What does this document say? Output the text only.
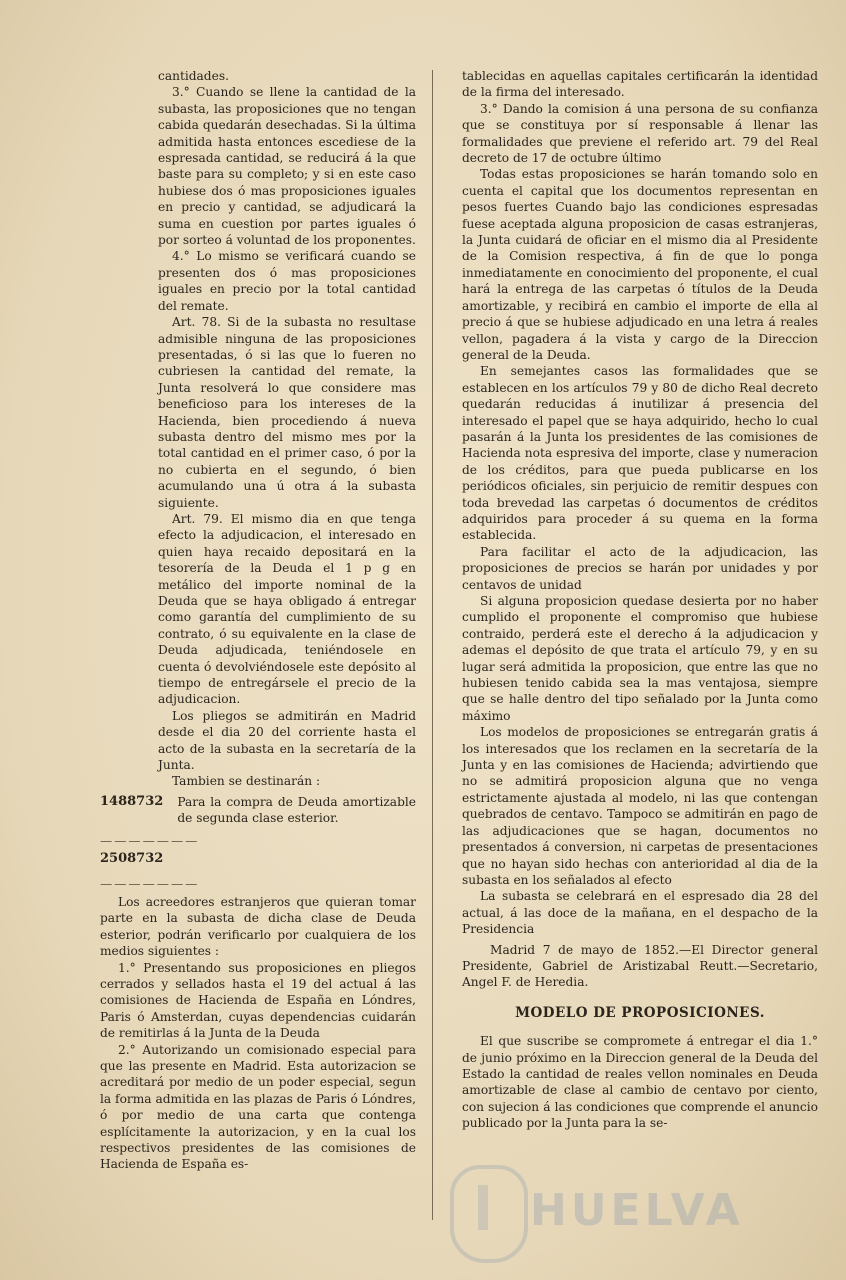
cantidades.

3.° Cuando se llene la cantidad de la subasta, las proposiciones que no tengan cabida quedarán desechadas. Si la última admitida hasta entonces escediese de la espresada cantidad, se reducirá á la que baste para su completo; y si en este caso hubiese dos ó mas proposiciones iguales en precio y cantidad, se adjudicará la suma en cuestion por partes iguales ó por sorteo á voluntad de los proponentes.

4.° Lo mismo se verificará cuando se presenten dos ó mas proposiciones iguales en precio por la total cantidad del remate.

Art. 78. Si de la subasta no resultase admisible ninguna de las proposiciones presentadas, ó si las que lo fueren no cubriesen la cantidad del remate, la Junta resolverá lo que considere mas beneficioso para los intereses de la Hacienda, bien procediendo á nueva subasta dentro del mismo mes por la total cantidad en el primer caso, ó por la no cubierta en el segundo, ó bien acumulando una ú otra á la subasta siguiente.

Art. 79. El mismo dia en que tenga efecto la adjudicacion, el interesado en quien haya recaido depositará en la tesorería de la Deuda el 1 p g en metálico del importe nominal de la Deuda que se haya obligado á entregar como garantía del cumplimiento de su contrato, ó su equivalente en la clase de Deuda adjudicada, teniéndosele en cuenta ó devolviéndosele este depósito al tiempo de entregársele el precio de la adjudicacion.

Los pliegos se admitirán en Madrid desde el dia 20 del corriente hasta el acto de la subasta en la secretaría de la Junta.

Tambien se destinarán :

1488732 Para la compra de Deuda amortizable de segunda clase esterior.
———————
2508732
———————

Los acreedores estranjeros que quieran tomar parte en la subasta de dicha clase de Deuda esterior, podrán verificarlo por cualquiera de los medios siguientes :

1.° Presentando sus proposiciones en pliegos cerrados y sellados hasta el 19 del actual á las comisiones de Hacienda de España en Lóndres, Paris ó Amsterdan, cuyas dependencias cuidarán de remitirlas á la Junta de la Deuda

2.° Autorizando un comisionado especial para que las presente en Madrid. Esta autorizacion se acreditará por medio de un poder especial, segun la forma admitida en las plazas de Paris ó Lóndres, ó por medio de una carta que contenga esplícitamente la autorizacion, y en la cual los respectivos presidentes de las comisiones de Hacienda de España es-

tablecidas en aquellas capitales certificarán la identidad de la firma del interesado.

3.° Dando la comision á una persona de su confianza que se constituya por sí responsable á llenar las formalidades que previene el referido art. 79 del Real decreto de 17 de octubre último

Todas estas proposiciones se harán tomando solo en cuenta el capital que los documentos representan en pesos fuertes Cuando bajo las condiciones espresadas fuese aceptada alguna proposicion de casas estranjeras, la Junta cuidará de oficiar en el mismo dia al Presidente de la Comision respectiva, á fin de que lo ponga inmediatamente en conocimiento del proponente, el cual hará la entrega de las carpetas ó títulos de la Deuda amortizable, y recibirá en cambio el importe de ella al precio á que se hubiese adjudicado en una letra á reales vellon, pagadera á la vista y cargo de la Direccion general de la Deuda.

En semejantes casos las formalidades que se establecen en los artículos 79 y 80 de dicho Real decreto quedarán reducidas á inutilizar á presencia del interesado el papel que se haya adquirido, hecho lo cual pasarán á la Junta los presidentes de las comisiones de Hacienda nota espresiva del importe, clase y numeracion de los créditos, para que pueda publicarse en los periódicos oficiales, sin perjuicio de remitir despues con toda brevedad las carpetas ó documentos de créditos adquiridos para proceder á su quema en la forma establecida.

Para facilitar el acto de la adjudicacion, las proposiciones de precios se harán por unidades y por centavos de unidad

Si alguna proposicion quedase desierta por no haber cumplido el proponente el compromiso que hubiese contraido, perderá este el derecho á la adjudicacion y ademas el depósito de que trata el artículo 79, y en su lugar será admitida la proposicion, que entre las que no hubiesen tenido cabida sea la mas ventajosa, siempre que se halle dentro del tipo señalado por la Junta como máximo

Los modelos de proposiciones se entregarán gratis á los interesados que los reclamen en la secretaría de la Junta y en las comisiones de Hacienda; advirtiendo que no se admitirá proposicion alguna que no venga estrictamente ajustada al modelo, ni las que contengan quebrados de centavo. Tampoco se admitirán en pago de las adjudicaciones que se hagan, documentos no presentados á conversion, ni carpetas de presentaciones que no hayan sido hechas con anterioridad al dia de la subasta en los señalados al efecto

La subasta se celebrará en el espresado dia 28 del actual, á las doce de la mañana, en el despacho de la Presidencia

Madrid 7 de mayo de 1852.—El Director general Presidente, Gabriel de Aristizabal Reutt.—Secretario, Angel F. de Heredia.

MODELO DE PROPOSICIONES.

El que suscribe se compromete á entregar el dia 1.° de junio próximo en la Direccion general de la Deuda del Estado la cantidad de reales vellon nominales en Deuda amortizable de clase al cambio de centavo por ciento, con sujecion á las condiciones que comprende el anuncio publicado por la Junta para la se-

HUELVA
